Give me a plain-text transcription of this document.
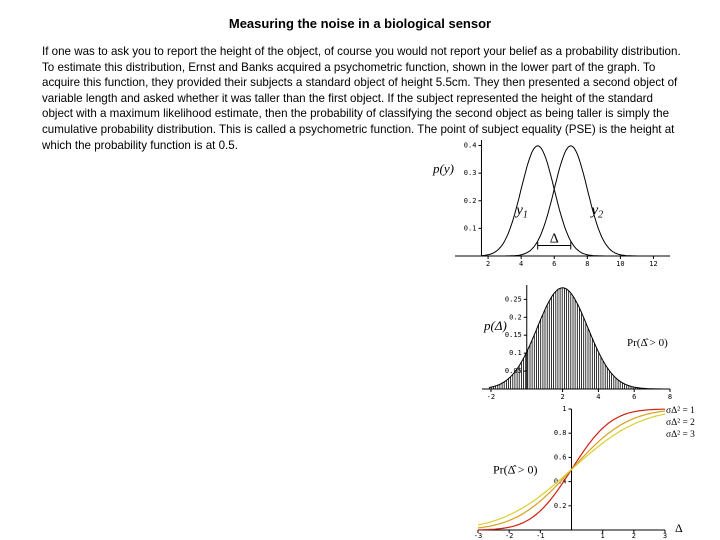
Measuring the noise in a biological sensor

If one was to ask you to report the height of the object, of course you would not report your belief as a probability distribution. To estimate this distribution, Ernst and Banks acquired a psychometric function, shown in the lower part of the graph. To acquire this function, they provided their subjects a standard object of height 5.5cm. They then presented a second object of variable length and asked whether it was taller than the first object. If the subject represented the height of the standard object with a maximum likelihood estimate, then the probability of classifying the second object as being taller is simply the cumulative probability distribution. This is called a psychometric function. The point of subject equality (PSE) is the height at which the probability function is at 0.5.

2	4	6	8	10	12
0.1
0.2
0.3
0.4
$y_1$	$y_2$
p(y)
Δ
-2	2	4	6	8
0.05
0.1
0.15
0.2
0.25
p(Δ)
Pr(Δ̂ > 0)
-3	-2	-1	1	2	3
0.2
0.4
0.6
0.8
1	σΔ² = 1
σΔ² = 2
σΔ² = 3
Pr(Δ̂ > 0)
Δ
